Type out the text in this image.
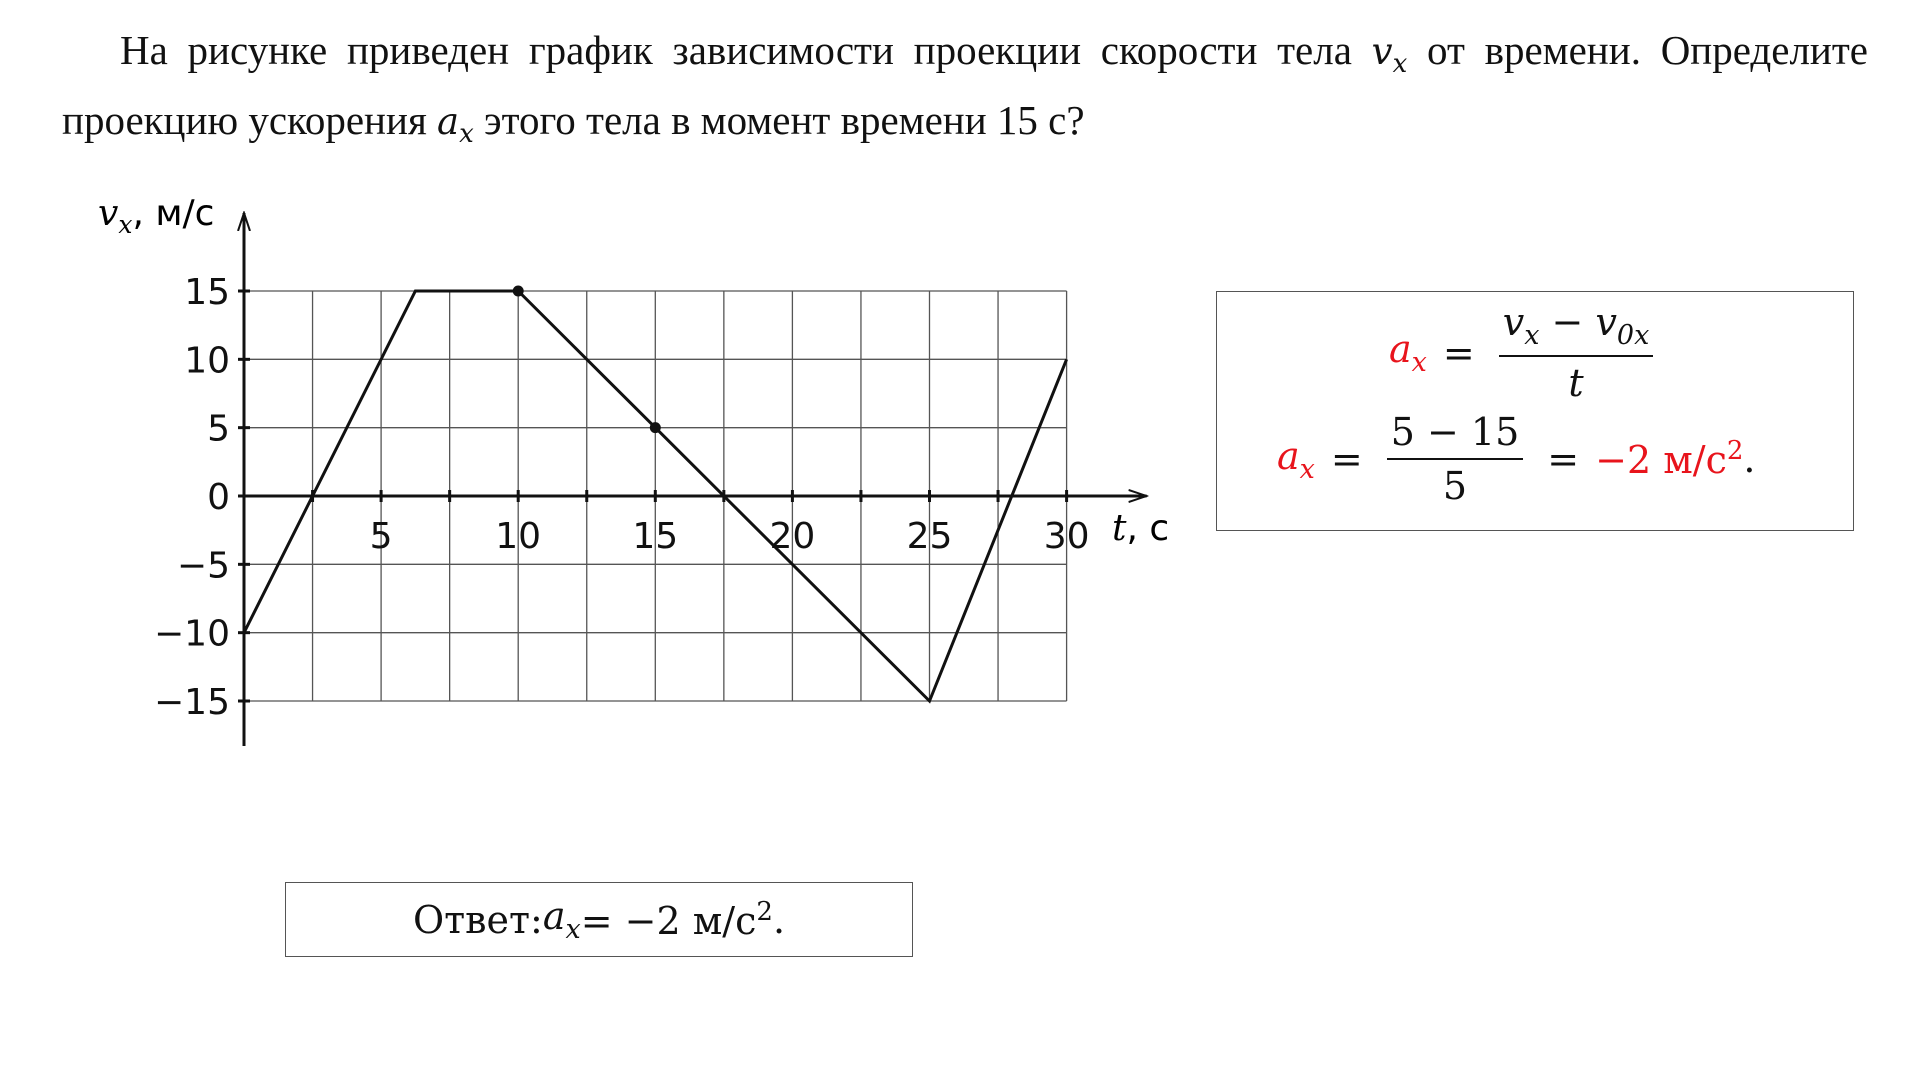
На рисунке приведен график зависимости проекции скорости тела $v_x$ от времени. Определите проекцию ускорения $a_x$ этого тела в момент времени 15 с?

15
10
5
0
−5
−10
−15
5	10	15	20	25	30
$v_x$, м/с
t, с
$a_x = \frac{v_x - v_{0x}}{t}$
$a_x = \frac{5 - 15}{5} = -2$ $м/с^2$ .
Ответ: $a_x = -2$ $м/с^2$ .
